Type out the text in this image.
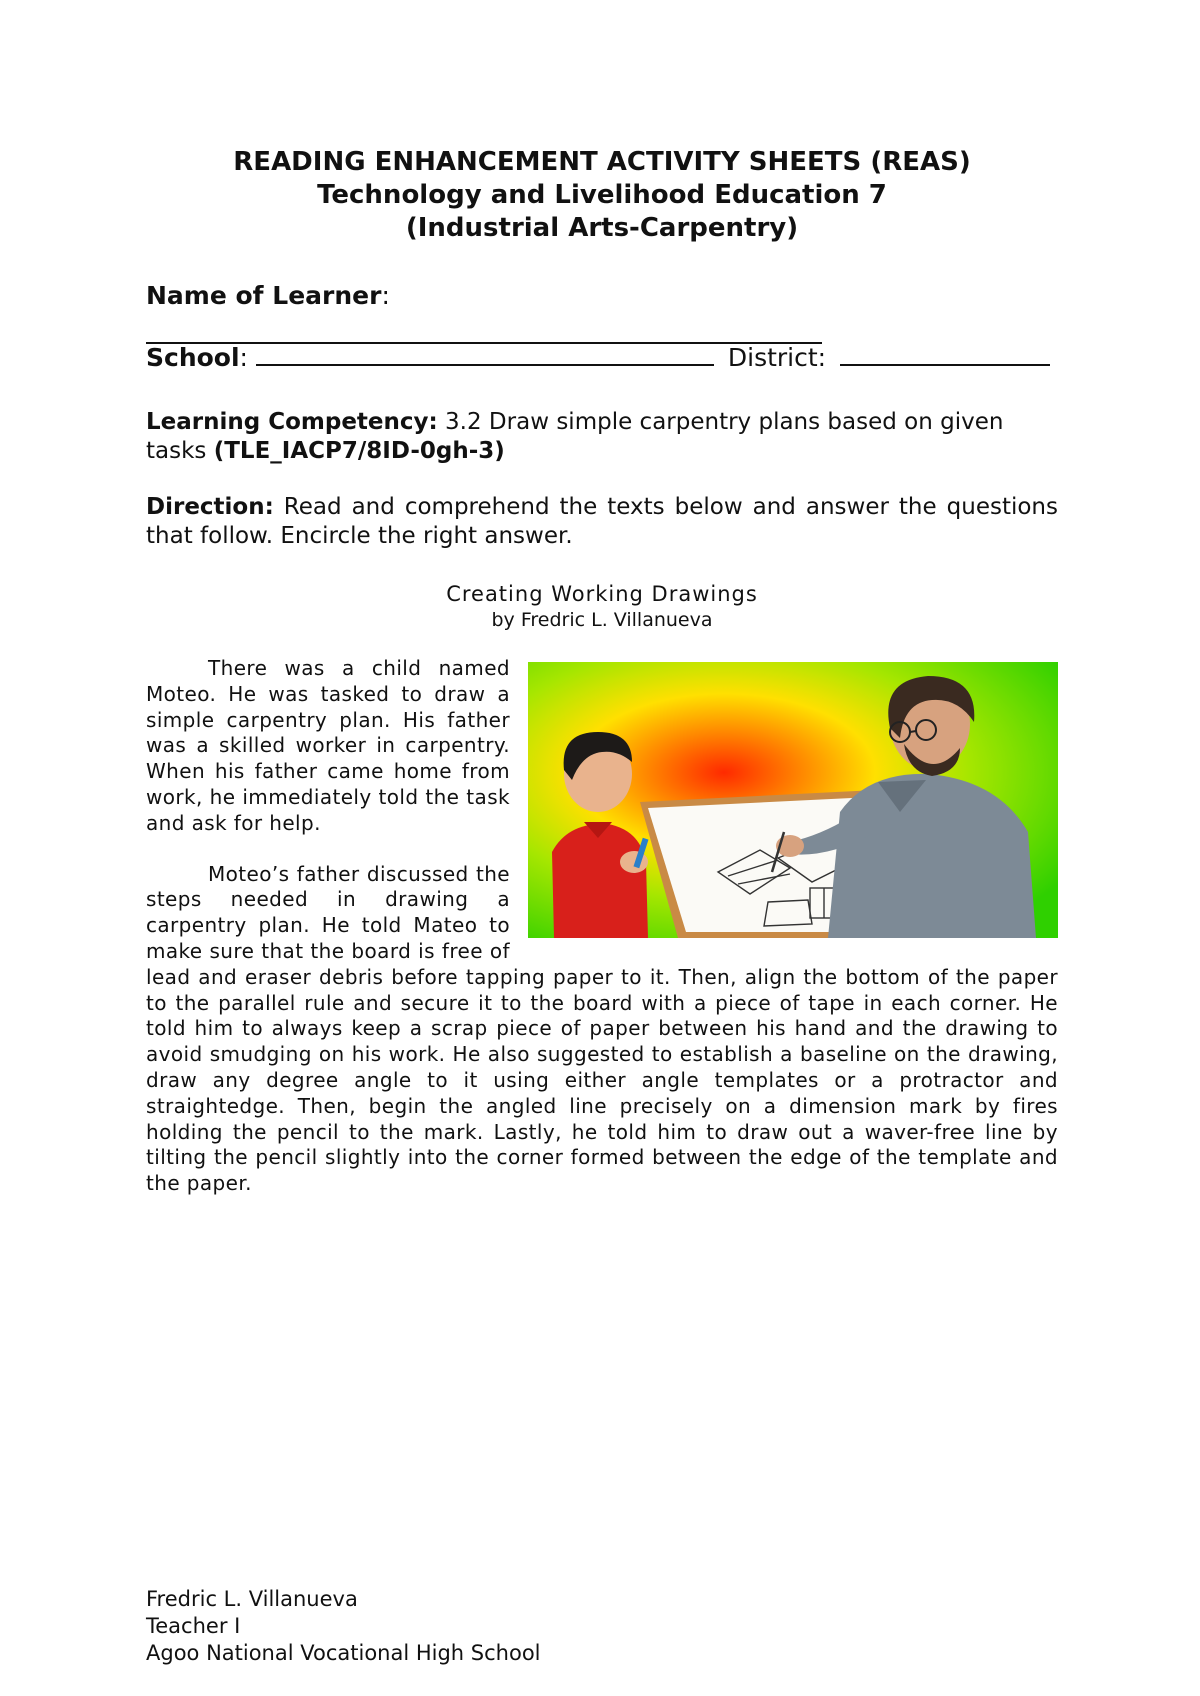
READING ENHANCEMENT ACTIVITY SHEETS (REAS)
Technology and Livelihood Education 7
(Industrial Arts-Carpentry)
Name of Learner:
School:	District:
Learning Competency: 3.2 Draw simple carpentry plans based on given tasks (TLE_IACP7/8ID-0gh-3)
Direction: Read and comprehend the texts below and answer the questions that follow. Encircle the right answer.
Creating Working Drawings
by Fredric L. Villanueva

There was a child named Moteo. He was tasked to draw a simple carpentry plan. His father was a skilled worker in carpentry. When his father came home from work, he immediately told the task and ask for help.

Moteo’s father discussed the steps needed in drawing a carpentry plan. He told Mateo to make sure that the board is free of lead and eraser debris before tapping paper to it. Then, align the bottom of the paper to the parallel rule and secure it to the board with a piece of tape in each corner. He told him to always keep a scrap piece of paper between his hand and the drawing to avoid smudging on his work. He also suggested to establish a baseline on the drawing, draw any degree angle to it using either angle templates or a protractor and straightedge. Then, begin the angled line precisely on a dimension mark by fires holding the pencil to the mark. Lastly, he told him to draw out a waver-free line by tilting the pencil slightly into the corner formed between the edge of the template and the paper.

Fredric L. Villanueva
Teacher I
Agoo National Vocational High School
